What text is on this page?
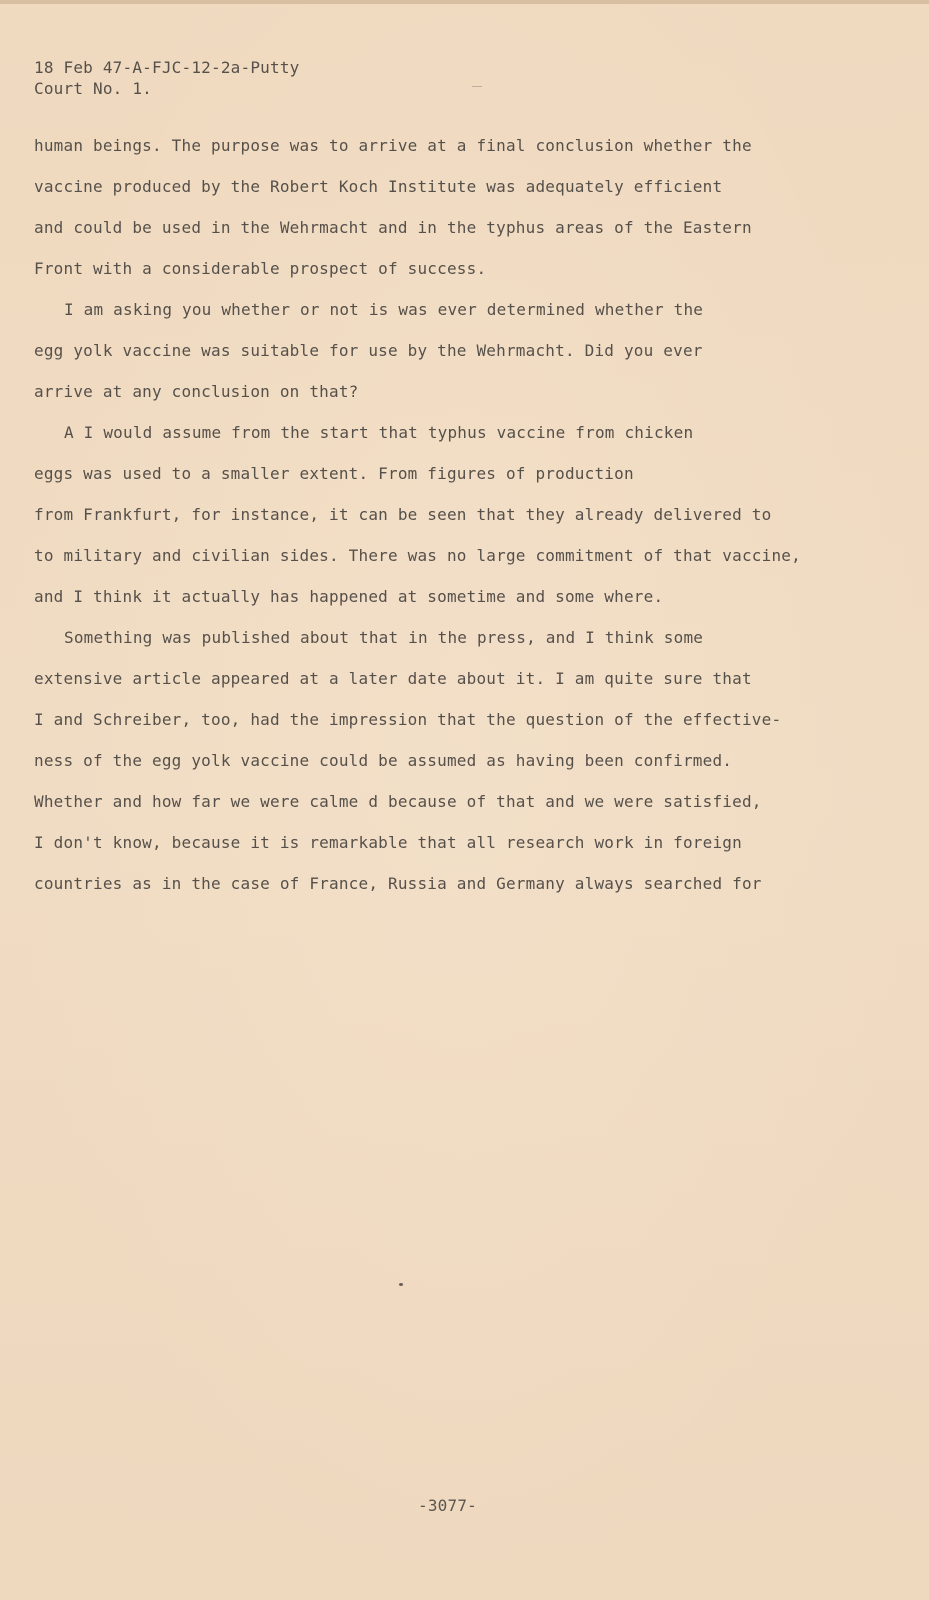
18 Feb 47-A-FJC-12-2a-Putty

Court No. 1.

human beings. The purpose was to arrive at a final conclusion whether the

vaccine produced by the Robert Koch Institute was adequately efficient

and could be used in the Wehrmacht and in the typhus areas of the Eastern

Front with a considerable prospect of success.

I am asking you whether or not is was ever determined whether the

egg yolk vaccine was suitable for use by the Wehrmacht. Did you ever

arrive at any conclusion on that?

A I would assume from the start that typhus vaccine from chicken

eggs was used to a smaller extent. From figures of production

from Frankfurt, for instance, it can be seen that they already delivered to

to military and civilian sides. There was no large commitment of that vaccine,

and I think it actually has happened at sometime and some where.

Something was published about that in the press, and I think some

extensive article appeared at a later date about it. I am quite sure that

I and Schreiber, too, had the impression that the question of the effective-

ness of the egg yolk vaccine could be assumed as having been confirmed.

Whether and how far we were calme d because of that and we were satisfied,

I don't know, because it is remarkable that all research work in foreign

countries as in the case of France, Russia and Germany always searched for

-3077-
